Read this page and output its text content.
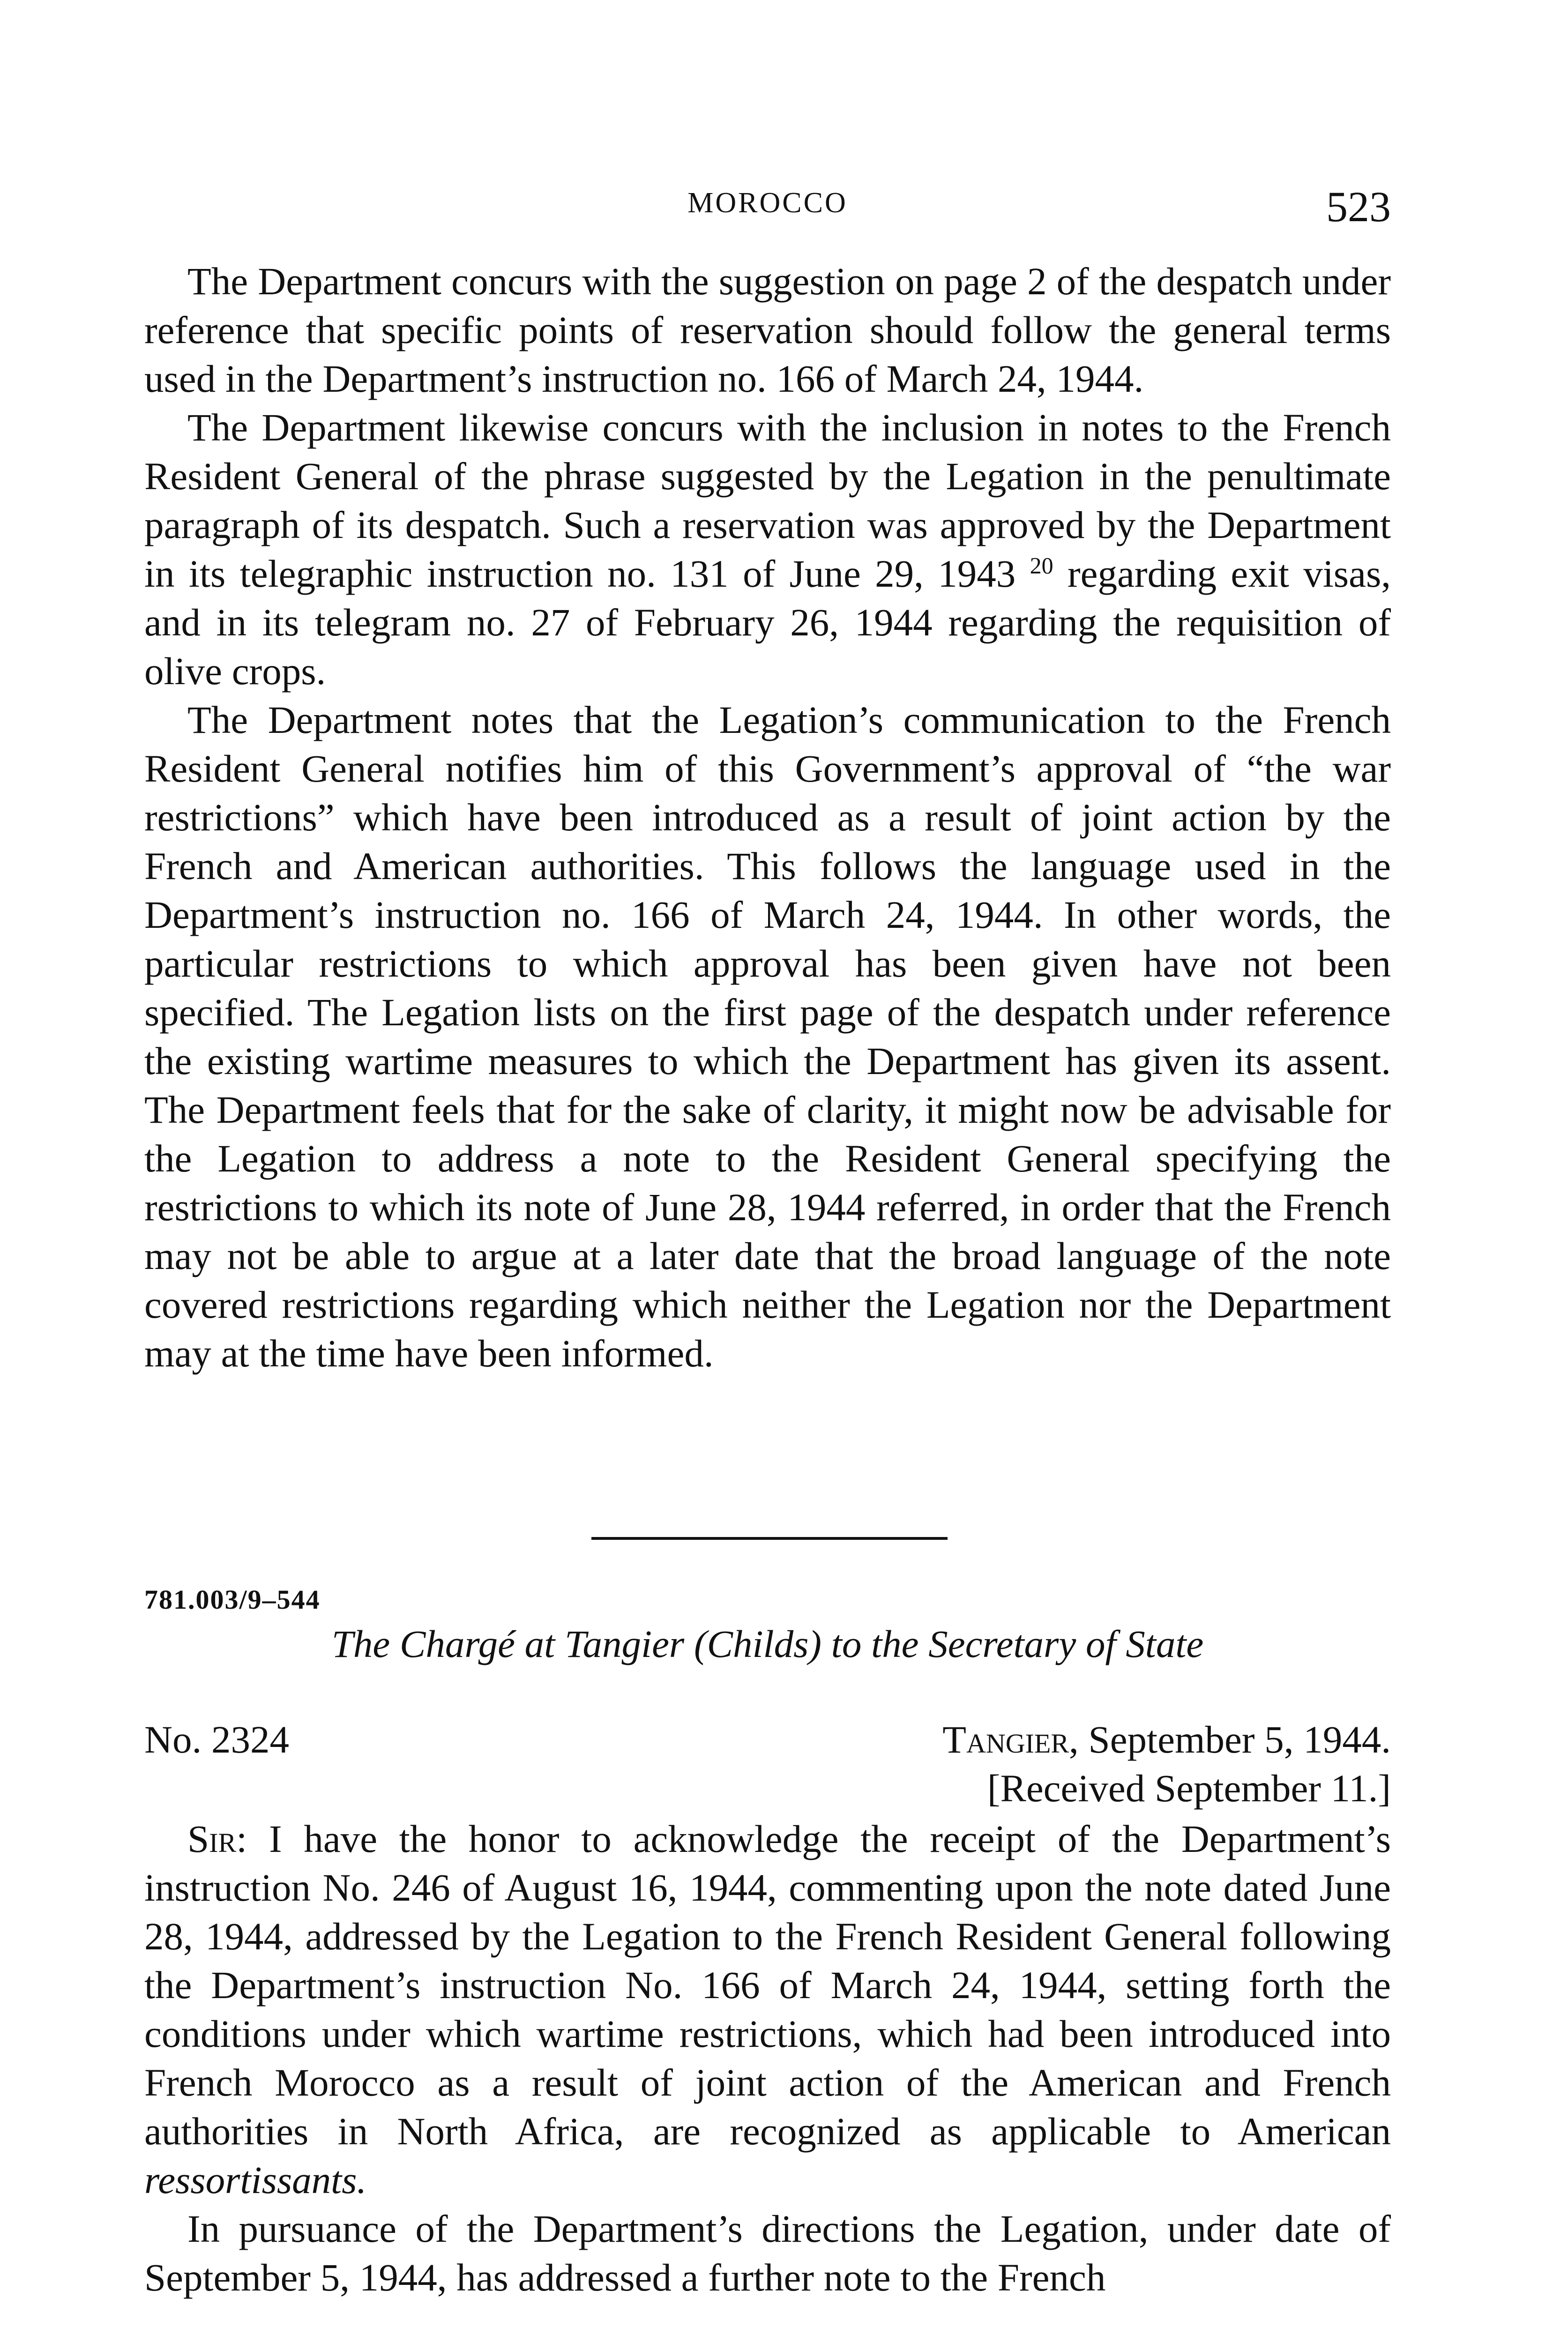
MOROCCO	523

The Department concurs with the suggestion on page 2 of the despatch under reference that specific points of reservation should follow the general terms used in the Department’s instruction no. 166 of March 24, 1944.

The Department likewise concurs with the inclusion in notes to the French Resident General of the phrase suggested by the Legation in the penultimate paragraph of its despatch. Such a reservation was approved by the Department in its telegraphic instruction no. 131 of June 29, 1943 $^{20}$ regarding exit visas, and in its telegram no. 27 of February 26, 1944 regarding the requisition of olive crops.

The Department notes that the Legation’s communication to the French Resident General notifies him of this Government’s approval of “the war restrictions” which have been introduced as a result of joint action by the French and American authorities. This follows the language used in the Department’s instruction no. 166 of March 24, 1944. In other words, the particular restrictions to which approval has been given have not been specified. The Legation lists on the first page of the despatch under reference the existing wartime measures to which the Department has given its assent. The Department feels that for the sake of clarity, it might now be advisable for the Legation to address a note to the Resident General specifying the restrictions to which its note of June 28, 1944 referred, in order that the French may not be able to argue at a later date that the broad language of the note covered restrictions regarding which neither the Legation nor the Department may at the time have been informed.

781.003/9–544
The Chargé at Tangier (Childs) to the Secretary of State
No. 2324	Tangier, September 5, 1944.
[Received September 11.]

Sir: I have the honor to acknowledge the receipt of the Department’s instruction No. 246 of August 16, 1944, commenting upon the note dated June 28, 1944, addressed by the Legation to the French Resident General following the Department’s instruction No. 166 of March 24, 1944, setting forth the conditions under which wartime restrictions, which had been introduced into French Morocco as a result of joint action of the American and French authorities in North Africa, are recognized as applicable to American ressortissants.

In pursuance of the Department’s directions the Legation, under date of September 5, 1944, has addressed a further note to the French
